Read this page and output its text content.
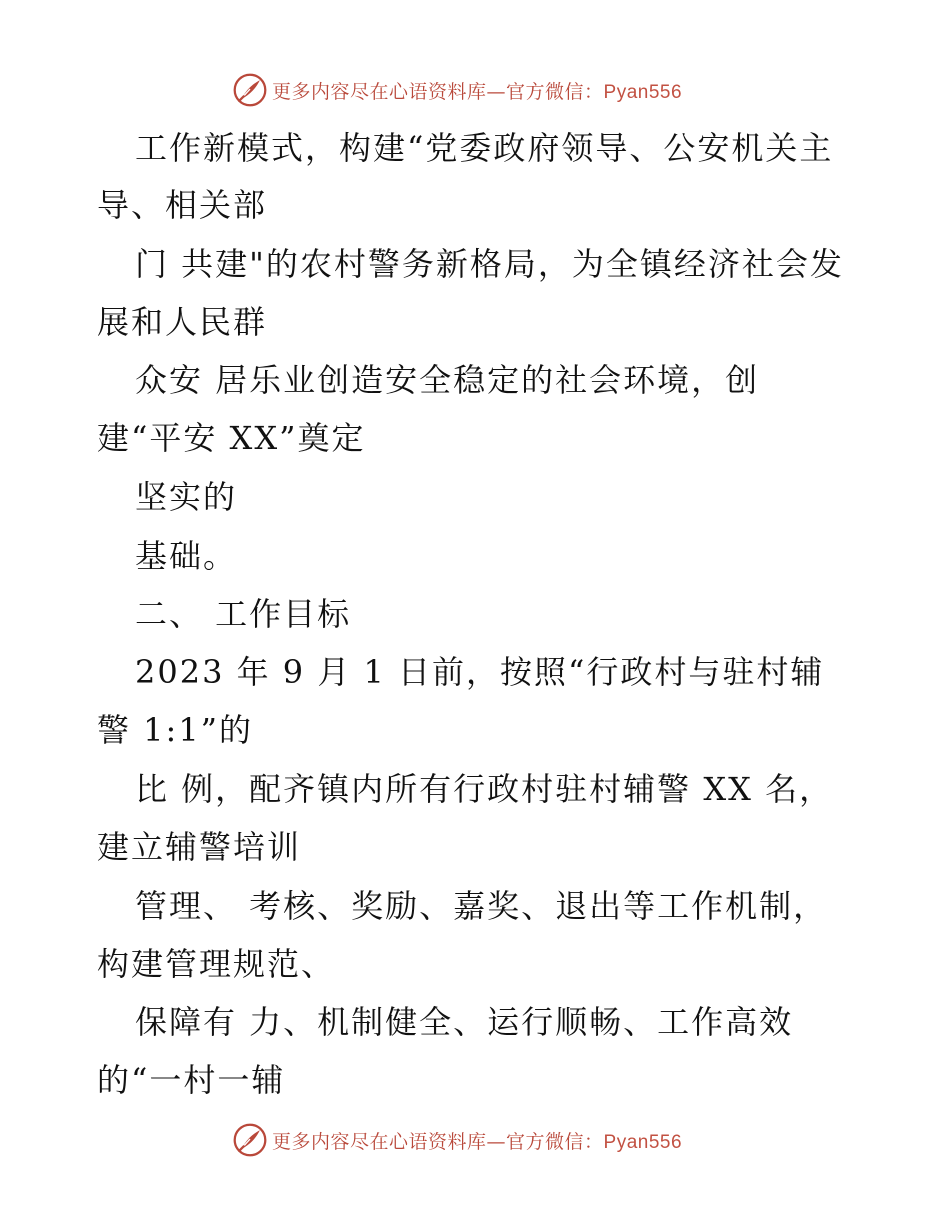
更多内容尽在心语资料库—官方微信：Pyan556
工作新模式，构建“党委政府领导、公安机关主
导、相关部
门 共建"的农村警务新格局，为全镇经济社会发
展和人民群
众安 居乐业创造安全稳定的社会环境，创
建“平安 XX”奠定
坚实的
基础。
二、 工作目标
2023 年 9 月 1 日前，按照“行政村与驻村辅
警 1:1”的
比 例，配齐镇内所有行政村驻村辅警 XX 名，
建立辅警培训
管理、 考核、奖励、嘉奖、退出等工作机制，
构建管理规范、
保障有 力、机制健全、运行顺畅、工作高效
的“一村一辅
更多内容尽在心语资料库—官方微信：Pyan556
